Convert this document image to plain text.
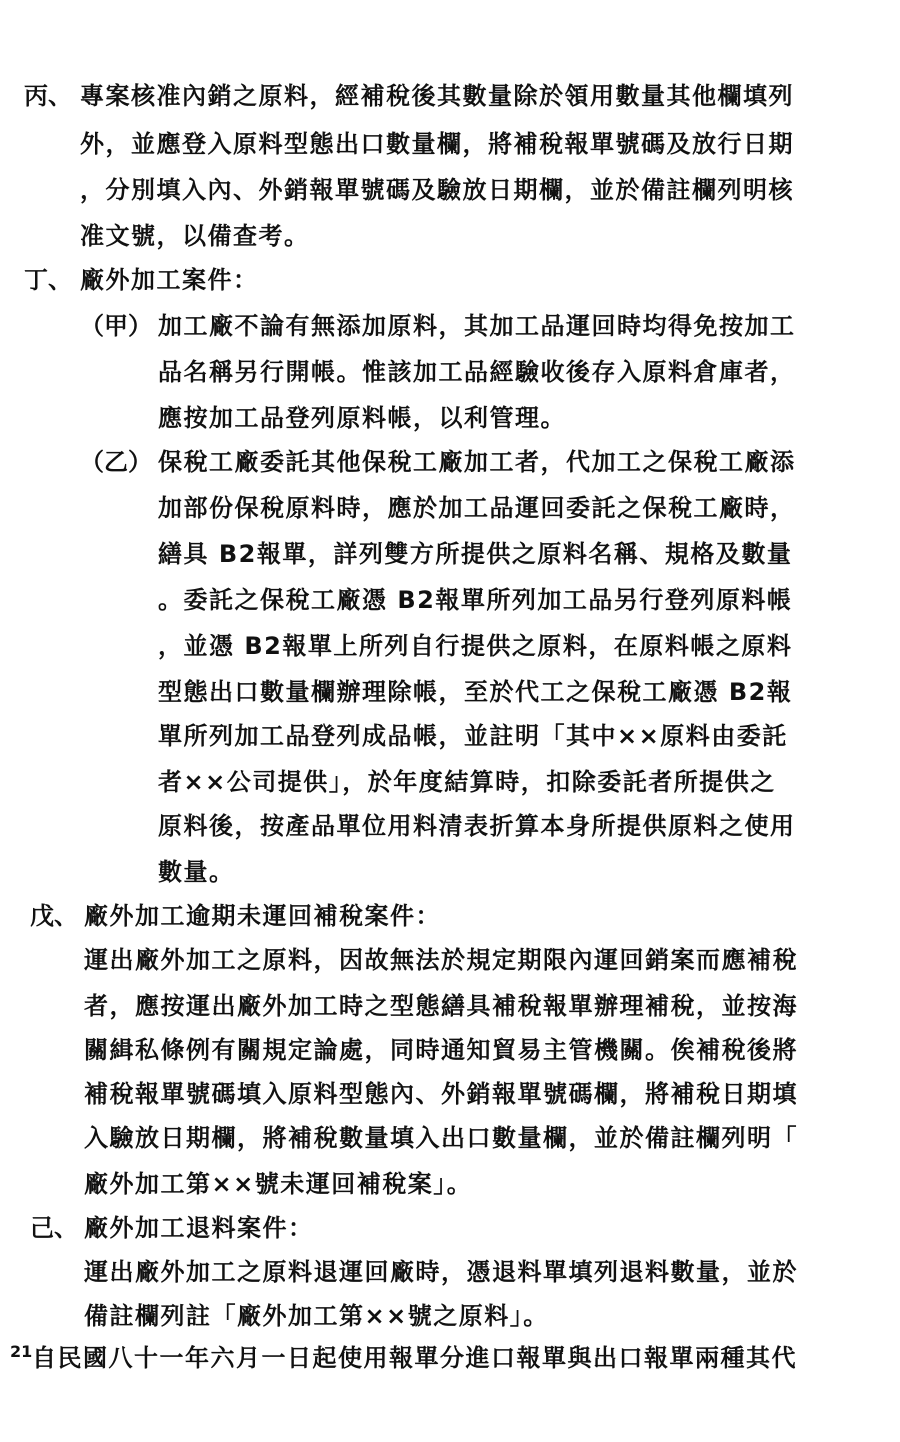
丙、 專案核准內銷之原料，經補稅後其數量除於領用數量其他欄填列
外，並應登入原料型態出口數量欄，將補稅報單號碼及放行日期
，分別填入內、外銷報單號碼及驗放日期欄，並於備註欄列明核
准文號，以備查考。
丁、 廠外加工案件：
（甲） 加工廠不論有無添加原料，其加工品運回時均得免按加工
品名稱另行開帳。惟該加工品經驗收後存入原料倉庫者，
應按加工品登列原料帳，以利管理。
（乙） 保稅工廠委託其他保稅工廠加工者，代加工之保稅工廠添
加部份保稅原料時，應於加工品運回委託之保稅工廠時，
繕具 B2報單，詳列雙方所提供之原料名稱、規格及數量
。委託之保稅工廠憑 B2報單所列加工品另行登列原料帳
，並憑 B2報單上所列自行提供之原料，在原料帳之原料
型態出口數量欄辦理除帳，至於代工之保稅工廠憑 B2報
單所列加工品登列成品帳，並註明「其中××原料由委託
者××公司提供」，於年度結算時，扣除委託者所提供之
原料後，按產品單位用料清表折算本身所提供原料之使用
數量。
戊、 廠外加工逾期未運回補稅案件：
運出廠外加工之原料，因故無法於規定期限內運回銷案而應補稅
者，應按運出廠外加工時之型態繕具補稅報單辦理補稅，並按海
關緝私條例有關規定論處，同時通知貿易主管機關。俟補稅後將
補稅報單號碼填入原料型態內、外銷報單號碼欄，將補稅日期填
入驗放日期欄，將補稅數量填入出口數量欄，並於備註欄列明「
廠外加工第××號未運回補稅案」。
己、 廠外加工退料案件：
運出廠外加工之原料退運回廠時，憑退料單填列退料數量，並於
備註欄列註「廠外加工第××號之原料」。
21 自民國八十一年六月一日起使用報單分進口報單與出口報單兩種其代
